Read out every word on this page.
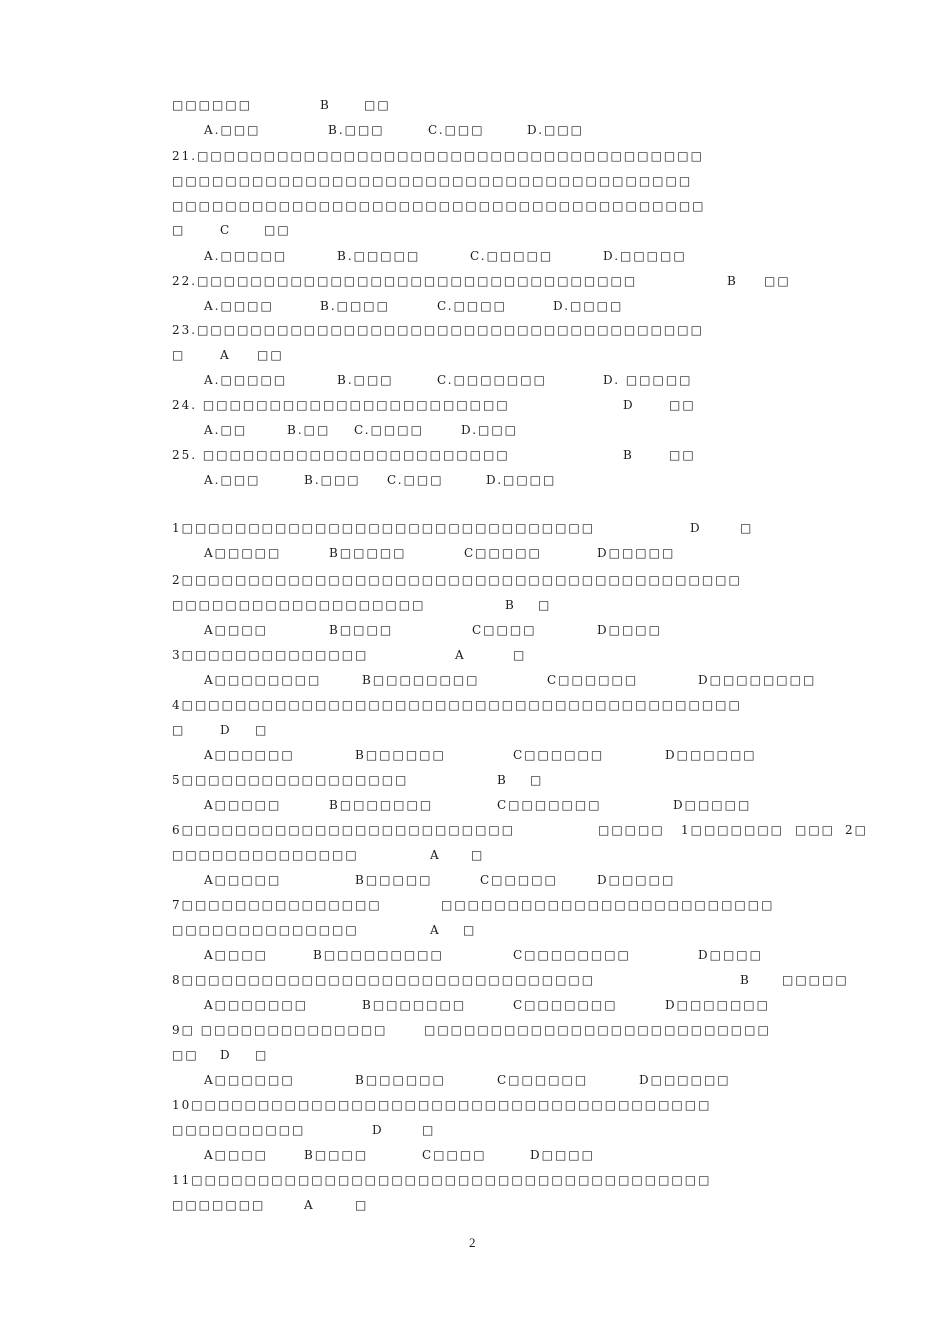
□□□□□□	B	□□
A.□□□	B.□□□	C.□□□	D.□□□
21.□□□□□□□□□□□□□□□□□□□□□□□□□□□□□□□□□□□□□□
□□□□□□□□□□□□□□□□□□□□□□□□□□□□□□□□□□□□□□□
□□□□□□□□□□□□□□□□□□□□□□□□□□□□□□□□□□□□□□□□
□	C	□□
A.□□□□□	B.□□□□□	C.□□□□□	D.□□□□□
22.□□□□□□□□□□□□□□□□□□□□□□□□□□□□□□□□□	B □□
A.□□□□	B.□□□□	C.□□□□	D.□□□□
23.□□□□□□□□□□□□□□□□□□□□□□□□□□□□□□□□□□□□□□
□	A □□
A.□□□□□	B.□□□	C.□□□□□□□	D. □□□□□
24. □□□□□□□□□□□□□□□□□□□□□□□	D	□□
A.□□	B.□□ C.□□□□	D.□□□
25. □□□□□□□□□□□□□□□□□□□□□□□	B	□□
A.□□□	B.□□□ C.□□□	D.□□□□
1□□□□□□□□□□□□□□□□□□□□□□□□□□□□□□□	D	□
A□□□□□	B□□□□□	C□□□□□	D□□□□□
2□□□□□□□□□□□□□□□□□□□□□□□□□□□□□□□□□□□□□□□□□□
□□□□□□□□□□□□□□□□□□□	B □
A□□□□	B□□□□	C□□□□	D□□□□
3□□□□□□□□□□□□□□	A	□
A□□□□□□□□	B□□□□□□□□	C□□□□□□	D□□□□□□□□
4□□□□□□□□□□□□□□□□□□□□□□□□□□□□□□□□□□□□□□□□□□
□	D □
A□□□□□□	B□□□□□□	C□□□□□□	D□□□□□□
5□□□□□□□□□□□□□□□□□	B □
A□□□□□	B□□□□□□□	C□□□□□□□	D□□□□□
6□□□□□□□□□□□□□□□□□□□□□□□□□	□□□□□ 1□□□□□□□ □□□ 2□
□□□□□□□□□□□□□□	A	□
A□□□□□	B□□□□□	C□□□□□	D□□□□□
7□□□□□□□□□□□□□□□	□□□□□□□□□□□□□□□□□□□□□□□□□
□□□□□□□□□□□□□□	A □
A□□□□	B□□□□□□□□□	C□□□□□□□□	D□□□□
8□□□□□□□□□□□□□□□□□□□□□□□□□□□□□□□	B	□□□□□
A□□□□□□□	B□□□□□□□	C□□□□□□□	D□□□□□□□
9□ □□□□□□□□□□□□□□	□□□□□□□□□□□□□□□□□□□□□□□□□□
□□ D □
A□□□□□□	B□□□□□□	C□□□□□□	D□□□□□□
10□□□□□□□□□□□□□□□□□□□□□□□□□□□□□□□□□□□□□□□
□□□□□□□□□□	D	□
A□□□□	B□□□□	C□□□□	D□□□□
11□□□□□□□□□□□□□□□□□□□□□□□□□□□□□□□□□□□□□□□
□□□□□□□	A	□
2
